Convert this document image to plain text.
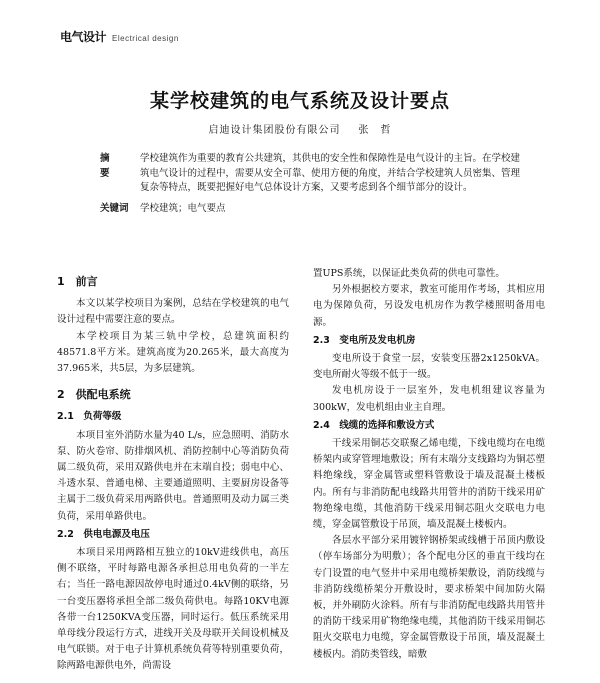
电气设计 Electrical design
某学校建筑的电气系统及设计要点
启迪设计集团股份有限公司 张　哲
摘　要
学校建筑作为重要的教育公共建筑，其供电的安全性和保障性是电气设计的主旨。在学校建筑电气设计的过程中，需要从安全可靠、使用方便的角度，并结合学校建筑人员密集、管理复杂等特点，既要把握好电气总体设计方案，又要考虑到各个细节部分的设计。
关键词	学校建筑；电气要点
1　前言

本文以某学校项目为案例，总结在学校建筑的电气设计过程中需要注意的要点。

本学校项目为某三轨中学校，总建筑面积约48571.8平方米。建筑高度为20.265米，最大高度为37.965米，共5层，为多层建筑。

2　供配电系统
2.1　负荷等级

本项目室外消防水量为40 L/s，应急照明、消防水泵、防火卷帘、防排烟风机、消防控制中心等消防负荷属二级负荷，采用双路供电并在末端自投；弱电中心、斗透水泵、普通电梯、主要通道照明、主要厨房设备等主属于二级负荷采用两路供电。普通照明及动力属三类负荷，采用单路供电。

2.2　供电电源及电压

本项目采用两路相互独立的10kV进线供电，高压侧不联络，平时每路电源各承担总用电负荷的一半左右；当任一路电源因故停电时通过0.4kV侧的联络，另一台变压器将承担全部二级负荷供电。每路10KV电源各带一台1250KVA变压器，同时运行。低压系统采用单母线分段运行方式，进线开关及母联开关间设机械及电气联锁。对于电子计算机系统负荷等特别重要负荷，除两路电源供电外，尚需设

置UPS系统，以保证此类负荷的供电可靠性。

另外根据校方要求，教室可能用作考场，其相应用电为保障负荷，另设发电机房作为教学楼照明备用电源。

2.3　变电所及发电机房

变电所设于食堂一层，安装变压器2x1250kVA。变电所耐火等级不低于一级。

发电机房设于一层室外，发电机组建议容量为300kW，发电机组由业主自理。

2.4　线缆的选择和敷设方式

干线采用铜芯交联聚乙烯电缆，下线电缆均在电缆桥架内或穿管埋地敷设；所有末端分支线路均为铜芯塑料绝缘线，穿金属管或塑料管敷设于墙及混凝土楼板内。所有与非消防配电线路共用管井的消防干线采用矿物绝缘电缆，其他消防干线采用铜芯阻火交联电力电缆，穿金属管敷设于吊顶，墙及混凝土楼板内。

各层水平部分采用镀锌钢桥架或线槽于吊顶内敷设（停车场部分为明敷）；各个配电分区的垂直干线均在专门设置的电气竖井中采用电缆桥架敷设，消防线缆与非消防线缆桥架分开敷设时，要求桥架中间加防火隔板，并外刷防火涂料。所有与非消防配电线路共用管井的消防干线采用矿物绝缘电缆，其他消防干线采用铜芯阻火交联电力电缆，穿金属管敷设于吊顶，墙及混凝土楼板内。消防类管线，暗敷
